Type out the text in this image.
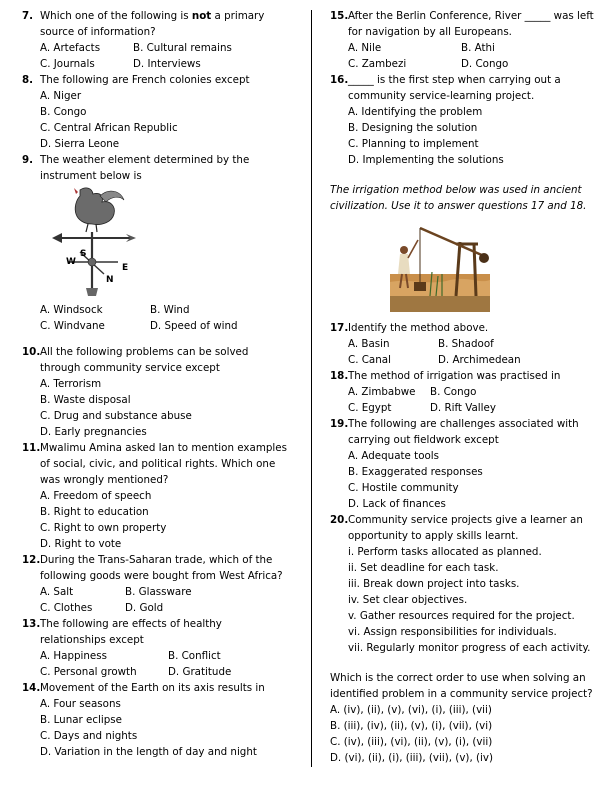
7. Which one of the following is not a primary source of information?
A. Artefacts	B. Cultural remains
C. Journals	D. Interviews
8. The following are French colonies except
A. Niger
B. Congo
C. Central African Republic
D. Sierra Leone
9. The weather element determined by the instrument below is
W
E
N
S
A. Windsock	B. Wind
C. Windvane	D. Speed of wind
10. All the following problems can be solved through community service except
A. Terrorism
B. Waste disposal
C. Drug and substance abuse
D. Early pregnancies
11. Mwalimu Amina asked Ian to mention examples of social, civic, and political rights. Which one was wrongly mentioned?
A. Freedom of speech
B. Right to education
C. Right to own property
D. Right to vote
12. During the Trans-Saharan trade, which of the following goods were bought from West Africa?
A. Salt	B. Glassware
C. Clothes	D. Gold
13. The following are effects of healthy relationships except
A. Happiness	B. Conflict
C. Personal growth	D. Gratitude
14. Movement of the Earth on its axis results in
A. Four seasons
B. Lunar eclipse
C. Days and nights
D. Variation in the length of day and night
15. After the Berlin Conference, River _____ was left for navigation by all Europeans.
A. Nile	B. Athi
C. Zambezi	D. Congo
16. _____ is the first step when carrying out a community service-learning project.
A. Identifying the problem
B. Designing the solution
C. Planning to implement
D. Implementing the solutions
The irrigation method below was used in ancient civilization. Use it to answer questions 17 and 18.
17. Identify the method above.
A. Basin	B. Shadoof
C. Canal	D. Archimedean
18. The method of irrigation was practised in
A. Zimbabwe	B. Congo
C. Egypt	D. Rift Valley
19. The following are challenges associated with carrying out fieldwork except
A. Adequate tools
B. Exaggerated responses
C. Hostile community
D. Lack of finances
20. Community service projects give a learner an opportunity to apply skills learnt.
i. Perform tasks allocated as planned.
ii. Set deadline for each task.
iii. Break down project into tasks.
iv. Set clear objectives.
v. Gather resources required for the project.
vi. Assign responsibilities for individuals.
vii. Regularly monitor progress of each activity.
Which is the correct order to use when solving an identified problem in a community service project?
A. (iv), (ii), (v), (vi), (i), (iii), (vii)
B. (iii), (iv), (ii), (v), (i), (vii), (vi)
C. (iv), (iii), (vi), (ii), (v), (i), (vii)
D. (vi), (ii), (i), (iii), (vii), (v), (iv)
